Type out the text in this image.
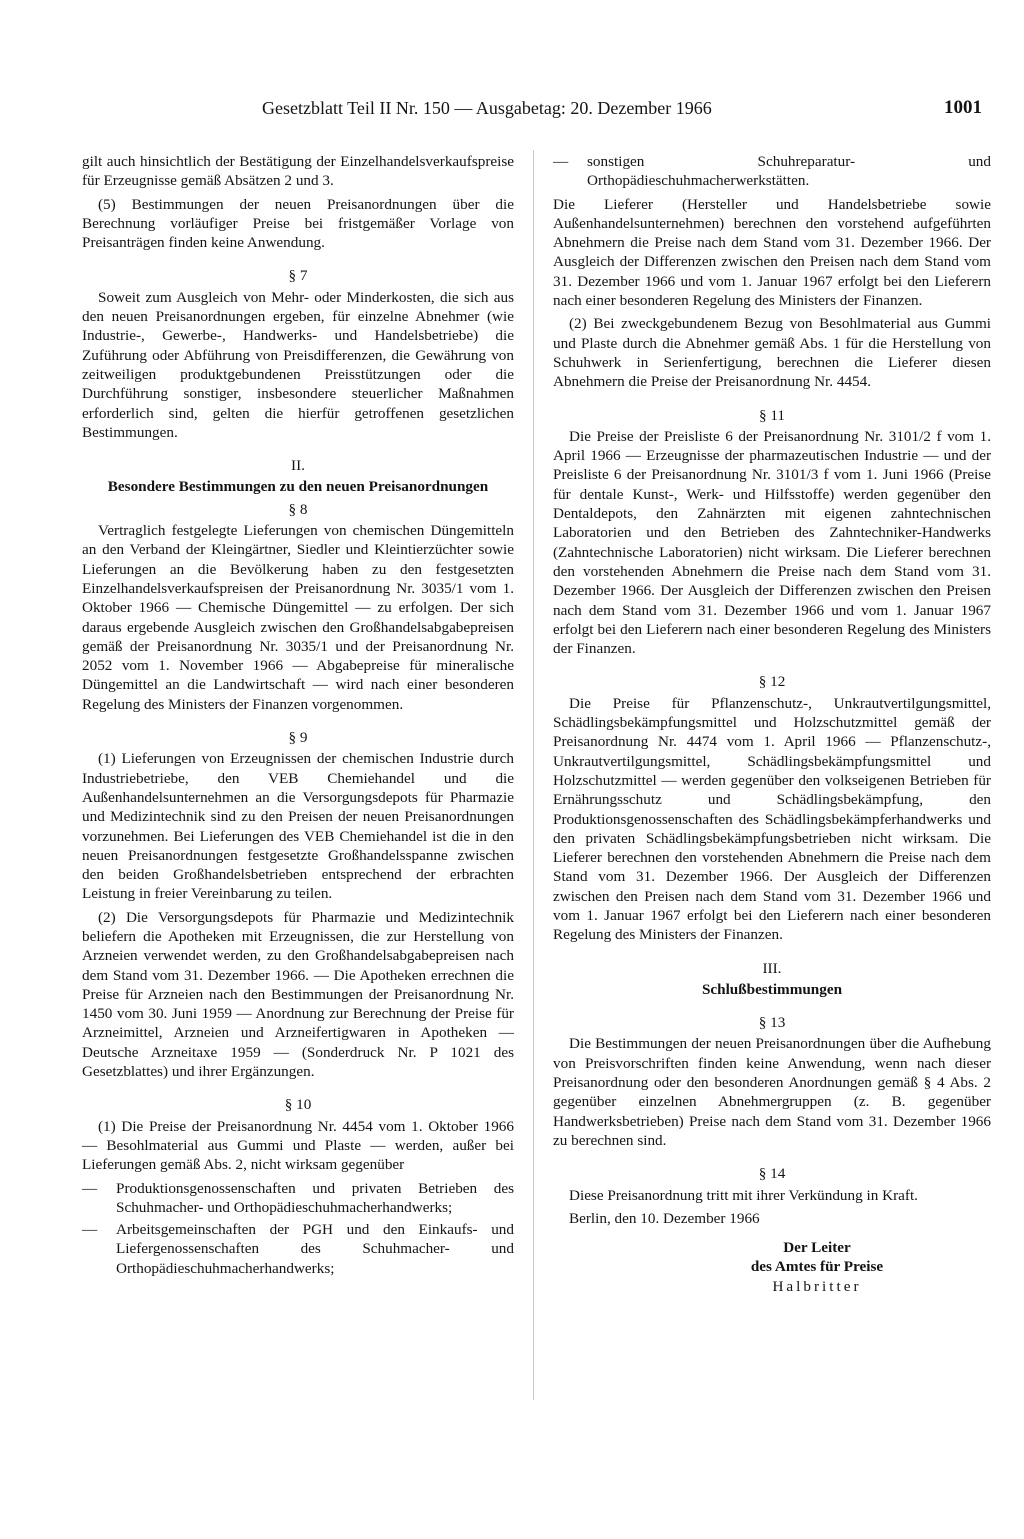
Gesetzblatt Teil II Nr. 150 — Ausgabetag: 20. Dezember 1966	1001

gilt auch hinsichtlich der Bestätigung der Einzelhandelsverkaufspreise für Erzeugnisse gemäß Absätzen 2 und 3.

(5) Bestimmungen der neuen Preisanordnungen über die Berechnung vorläufiger Preise bei fristgemäßer Vorlage von Preisanträgen finden keine Anwendung.

§ 7

Soweit zum Ausgleich von Mehr- oder Minderkosten, die sich aus den neuen Preisanordnungen ergeben, für einzelne Abnehmer (wie Industrie-, Gewerbe-, Handwerks- und Handelsbetriebe) die Zuführung oder Abführung von Preisdifferenzen, die Gewährung von zeitweiligen produktgebundenen Preisstützungen oder die Durchführung sonstiger, insbesondere steuerlicher Maßnahmen erforderlich sind, gelten die hierfür getroffenen gesetzlichen Bestimmungen.

II.
Besondere Bestimmungen zu den neuen Preisanordnungen
§ 8

Vertraglich festgelegte Lieferungen von chemischen Düngemitteln an den Verband der Kleingärtner, Siedler und Kleintierzüchter sowie Lieferungen an die Bevölkerung haben zu den festgesetzten Einzelhandelsverkaufspreisen der Preisanordnung Nr. 3035/1 vom 1. Oktober 1966 — Chemische Düngemittel — zu erfolgen. Der sich daraus ergebende Ausgleich zwischen den Großhandelsabgabepreisen gemäß der Preisanordnung Nr. 3035/1 und der Preisanordnung Nr. 2052 vom 1. November 1966 — Abgabepreise für mineralische Düngemittel an die Landwirtschaft — wird nach einer besonderen Regelung des Ministers der Finanzen vorgenommen.

§ 9

(1) Lieferungen von Erzeugnissen der chemischen Industrie durch Industriebetriebe, den VEB Chemiehandel und die Außenhandelsunternehmen an die Versorgungsdepots für Pharmazie und Medizintechnik sind zu den Preisen der neuen Preisanordnungen vorzunehmen. Bei Lieferungen des VEB Chemiehandel ist die in den neuen Preisanordnungen festgesetzte Großhandelsspanne zwischen den beiden Großhandelsbetrieben entsprechend der erbrachten Leistung in freier Vereinbarung zu teilen.

(2) Die Versorgungsdepots für Pharmazie und Medizintechnik beliefern die Apotheken mit Erzeugnissen, die zur Herstellung von Arzneien verwendet werden, zu den Großhandelsabgabepreisen nach dem Stand vom 31. Dezember 1966. — Die Apotheken errechnen die Preise für Arzneien nach den Bestimmungen der Preisanordnung Nr. 1450 vom 30. Juni 1959 — Anordnung zur Berechnung der Preise für Arzneimittel, Arzneien und Arzneifertigwaren in Apotheken — Deutsche Arzneitaxe 1959 — (Sonderdruck Nr. P 1021 des Gesetzblattes) und ihrer Ergänzungen.

§ 10

(1) Die Preise der Preisanordnung Nr. 4454 vom 1. Oktober 1966 — Besohlmaterial aus Gummi und Plaste — werden, außer bei Lieferungen gemäß Abs. 2, nicht wirksam gegenüber

— Produktionsgenossenschaften und privaten Betrieben des Schuhmacher- und Orthopädieschuhmacherhandwerks;
— Arbeitsgemeinschaften der PGH und den Einkaufs- und Liefergenossenschaften des Schuhmacher- und Orthopädieschuhmacherhandwerks;
— sonstigen Schuhreparatur- und Orthopädieschuhmacherwerkstätten.

Die Lieferer (Hersteller und Handelsbetriebe sowie Außenhandelsunternehmen) berechnen den vorstehend aufgeführten Abnehmern die Preise nach dem Stand vom 31. Dezember 1966. Der Ausgleich der Differenzen zwischen den Preisen nach dem Stand vom 31. Dezember 1966 und vom 1. Januar 1967 erfolgt bei den Lieferern nach einer besonderen Regelung des Ministers der Finanzen.

(2) Bei zweckgebundenem Bezug von Besohlmaterial aus Gummi und Plaste durch die Abnehmer gemäß Abs. 1 für die Herstellung von Schuhwerk in Serienfertigung, berechnen die Lieferer diesen Abnehmern die Preise der Preisanordnung Nr. 4454.

§ 11

Die Preise der Preisliste 6 der Preisanordnung Nr. 3101/2 f vom 1. April 1966 — Erzeugnisse der pharmazeutischen Industrie — und der Preisliste 6 der Preisanordnung Nr. 3101/3 f vom 1. Juni 1966 (Preise für dentale Kunst-, Werk- und Hilfsstoffe) werden gegenüber den Dentaldepots, den Zahnärzten mit eigenen zahntechnischen Laboratorien und den Betrieben des Zahntechniker-Handwerks (Zahntechnische Laboratorien) nicht wirksam. Die Lieferer berechnen den vorstehenden Abnehmern die Preise nach dem Stand vom 31. Dezember 1966. Der Ausgleich der Differenzen zwischen den Preisen nach dem Stand vom 31. Dezember 1966 und vom 1. Januar 1967 erfolgt bei den Lieferern nach einer besonderen Regelung des Ministers der Finanzen.

§ 12

Die Preise für Pflanzenschutz-, Unkrautvertilgungsmittel, Schädlingsbekämpfungsmittel und Holzschutzmittel gemäß der Preisanordnung Nr. 4474 vom 1. April 1966 — Pflanzenschutz-, Unkrautvertilgungsmittel, Schädlingsbekämpfungsmittel und Holzschutzmittel — werden gegenüber den volkseigenen Betrieben für Ernährungsschutz und Schädlingsbekämpfung, den Produktionsgenossenschaften des Schädlingsbekämpferhandwerks und den privaten Schädlingsbekämpfungsbetrieben nicht wirksam. Die Lieferer berechnen den vorstehenden Abnehmern die Preise nach dem Stand vom 31. Dezember 1966. Der Ausgleich der Differenzen zwischen den Preisen nach dem Stand vom 31. Dezember 1966 und vom 1. Januar 1967 erfolgt bei den Lieferern nach einer besonderen Regelung des Ministers der Finanzen.

III.
Schlußbestimmungen
§ 13

Die Bestimmungen der neuen Preisanordnungen über die Aufhebung von Preisvorschriften finden keine Anwendung, wenn nach dieser Preisanordnung oder den besonderen Anordnungen gemäß § 4 Abs. 2 gegenüber einzelnen Abnehmergruppen (z. B. gegenüber Handwerksbetrieben) Preise nach dem Stand vom 31. Dezember 1966 zu berechnen sind.

§ 14

Diese Preisanordnung tritt mit ihrer Verkündung in Kraft.

Berlin, den 10. Dezember 1966

Der Leiter
des Amtes für Preise
Halbritter
